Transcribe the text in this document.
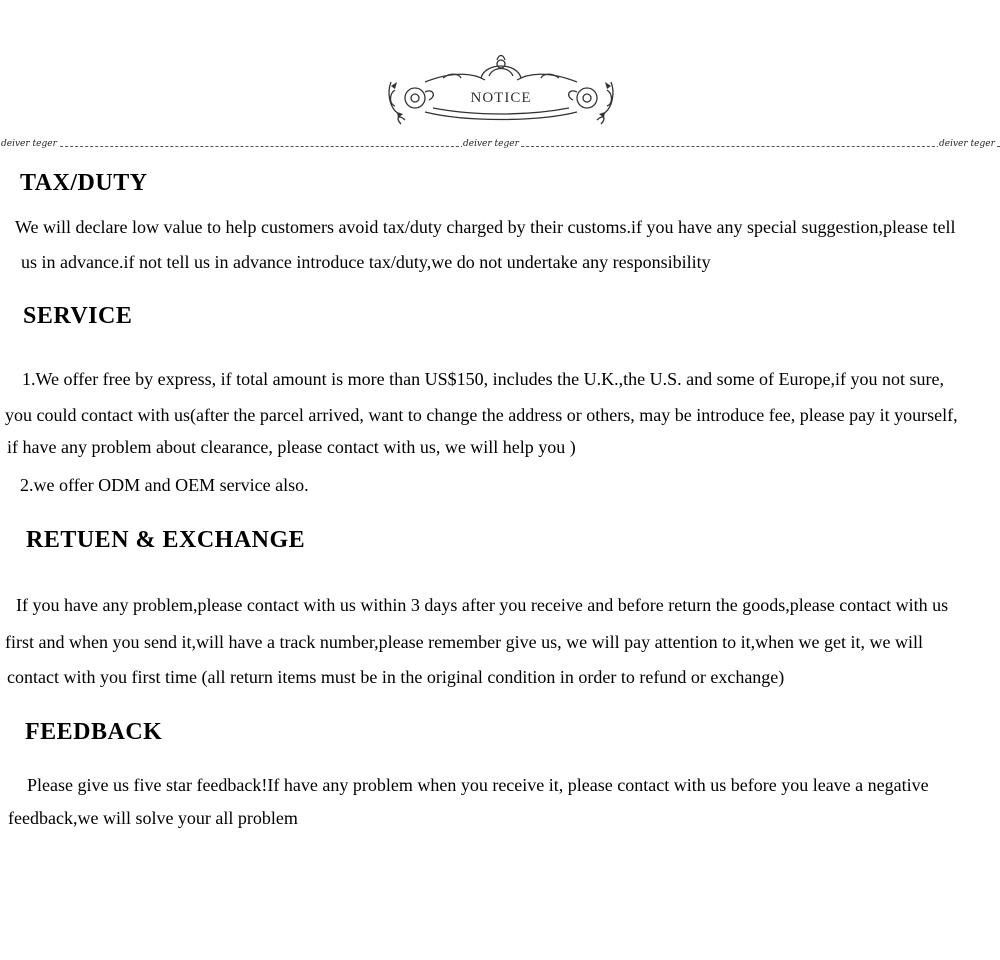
NOTICE
deiver teger	deiver teger	deiver teger
TAX/DUTY
We will declare low value to help customers avoid tax/duty charged by their customs.if you have any special suggestion,please tell
us in advance.if not tell us in advance introduce tax/duty,we do not undertake any responsibility
SERVICE
1.We offer free by express, if total amount is more than US$150, includes the U.K.,the U.S. and some of Europe,if you not sure,
you could contact with us(after the parcel arrived, want to change the address or others, may be introduce fee, please pay it yourself,
if have any problem about clearance, please contact with us, we will help you )
2.we offer ODM and OEM service also.
RETUEN & EXCHANGE
If you have any problem,please contact with us within 3 days after you receive and before return the goods,please contact with us
first and when you send it,will have a track number,please remember give us, we will pay attention to it,when we get it, we will
contact with you first time (all return items must be in the original condition in order to refund or exchange)
FEEDBACK
Please give us five star feedback!If have any problem when you receive it, please contact with us before you leave a negative
feedback,we will solve your all problem
